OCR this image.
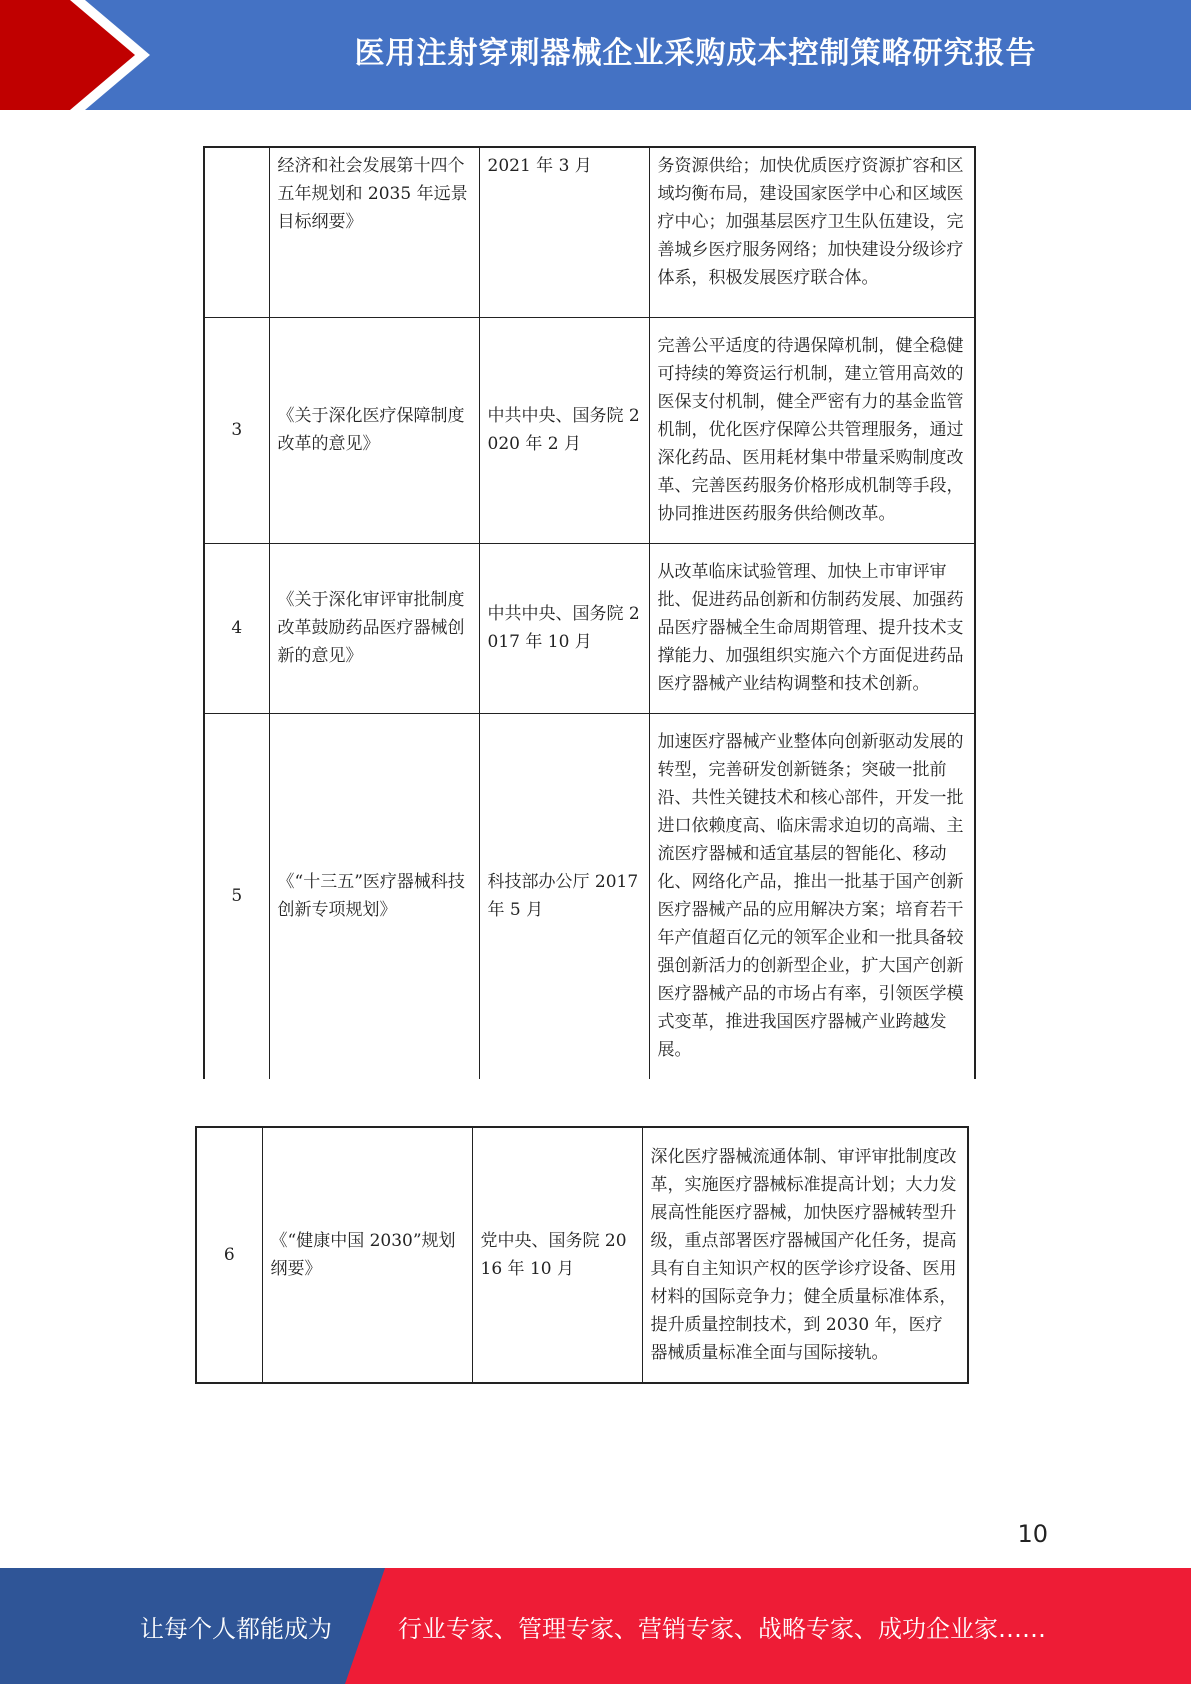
医用注射穿刺器械企业采购成本控制策略研究报告
	经济和社会发展第十四个五年规划和 2035 年远景目标纲要》	2021 年 3 月	务资源供给；加快优质医疗资源扩容和区域均衡布局，建设国家医学中心和区域医疗中心；加强基层医疗卫生队伍建设，完善城乡医疗服务网络；加快建设分级诊疗体系，积极发展医疗联合体。
3	《关于深化医疗保障制度改革的意见》	中共中央、国务院 2020 年 2 月	完善公平适度的待遇保障机制，健全稳健可持续的筹资运行机制，建立管用高效的医保支付机制，健全严密有力的基金监管机制，优化医疗保障公共管理服务，通过深化药品、医用耗材集中带量采购制度改革、完善医药服务价格形成机制等手段，协同推进医药服务供给侧改革。
4	《关于深化审评审批制度改革鼓励药品医疗器械创新的意见》	中共中央、国务院 2017 年 10 月	从改革临床试验管理、加快上市审评审批、促进药品创新和仿制药发展、加强药品医疗器械全生命周期管理、提升技术支撑能力、加强组织实施六个方面促进药品医疗器械产业结构调整和技术创新。
5	《“十三五”医疗器械科技创新专项规划》	科技部办公厅 2017 年 5 月	加速医疗器械产业整体向创新驱动发展的转型，完善研发创新链条；突破一批前沿、共性关键技术和核心部件，开发一批进口依赖度高、临床需求迫切的高端、主流医疗器械和适宜基层的智能化、移动化、网络化产品，推出一批基于国产创新医疗器械产品的应用解决方案；培育若干年产值超百亿元的领军企业和一批具备较强创新活力的创新型企业，扩大国产创新医疗器械产品的市场占有率，引领医学模式变革，推进我国医疗器械产业跨越发展。
6	《“健康中国 2030”规划纲要》	党中央、国务院 2016 年 10 月	深化医疗器械流通体制、审评审批制度改革，实施医疗器械标准提高计划；大力发展高性能医疗器械，加快医疗器械转型升级，重点部署医疗器械国产化任务，提高具有自主知识产权的医学诊疗设备、医用材料的国际竞争力；健全质量标准体系，提升质量控制技术，到 2030 年，医疗器械质量标准全面与国际接轨。
10
让每个人都能成为	行业专家、管理专家、营销专家、战略专家、成功企业家……
